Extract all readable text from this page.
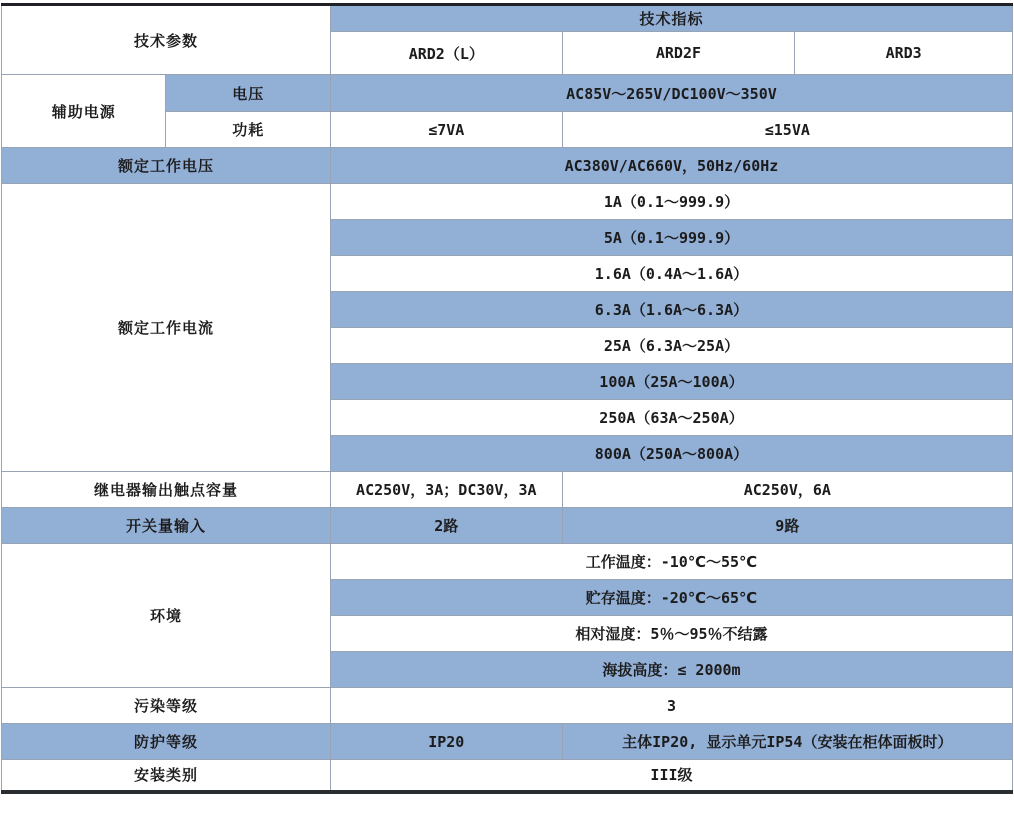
技术参数		技术指标		
		ARD2（L）	ARD2F	ARD3
辅助电源	电压	AC85V～265V/DC100V～350V		
	功耗	≤7VA	≤15VA	
额定工作电压		AC380V/AC660V，50Hz/60Hz		
额定工作电流		1A（0.1～999.9）		
		5A（0.1～999.9）		
		1.6A（0.4A～1.6A）		
		6.3A（1.6A～6.3A）		
		25A（6.3A～25A）		
		100A（25A～100A）		
		250A（63A～250A）		
		800A（250A～800A）		
继电器输出触点容量		AC250V，3A；DC30V，3A	AC250V，6A	
开关量输入		2路	9路	
环境		工作温度：-10℃～55℃		
		贮存温度：-20℃～65℃		
		相对湿度：5％～95％不结露		
		海拔高度：≤ 2000m		
污染等级		3		
防护等级		IP20	主体IP20, 显示单元IP54（安装在柜体面板时）	
安装类别		III级		
